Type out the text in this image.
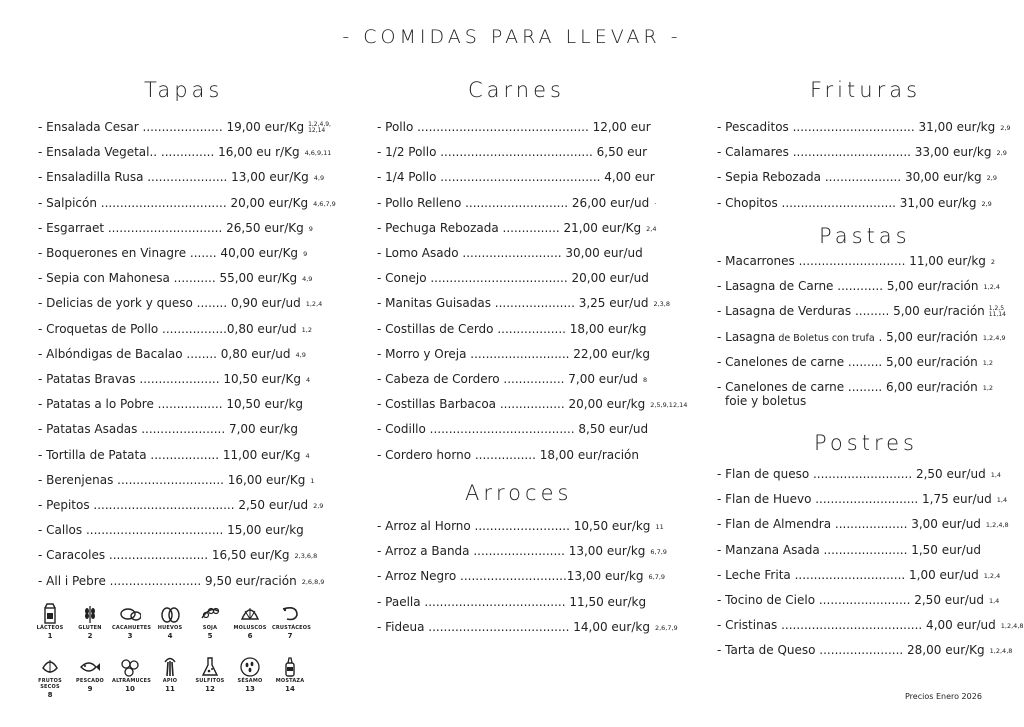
- COMIDAS PARA LLEVAR -
Tapas	Carnes
Arroces
Frituras
Pastas
Postres
- Ensalada Cesar ..................... 19,00 eur/Kg 1,2,4,9,
12,14
- Ensalada Vegetal.. .............. 16,00 eu r/Kg 4,6,9,11
- Ensaladilla Rusa ..................... 13,00 eur/Kg 4,9
- Salpicón ................................. 20,00 eur/Kg 4,6,7,9
- Esgarraet .............................. 26,50 eur/Kg 9
- Boquerones en Vinagre ....... 40,00 eur/Kg 9
- Sepia con Mahonesa ........... 55,00 eur/Kg 4,9
- Delicias de york y queso ........ 0,90 eur/ud 1,2,4
- Croquetas de Pollo .................0,80 eur/ud 1,2
- Albóndigas de Bacalao ........ 0,80 eur/ud 4,9
- Patatas Bravas ..................... 10,50 eur/Kg 4
- Patatas a lo Pobre ................. 10,50 eur/kg
- Patatas Asadas ...................... 7,00 eur/kg
- Tortilla de Patata .................. 11,00 eur/Kg 4
- Berenjenas ............................ 16,00 eur/Kg 1
- Pepitos ..................................... 2,50 eur/ud 2,9
- Callos .................................... 15,00 eur/kg
- Caracoles .......................... 16,50 eur/Kg 2,3,6,8
- All i Pebre ........................ 9,50 eur/ración 2,6,8,9
- Pollo ............................................. 12,00 eur
- 1/2 Pollo ........................................ 6,50 eur
- 1/4 Pollo .......................................... 4,00 eur
- Pollo Relleno ........................... 26,00 eur/ud ·
- Pechuga Rebozada ............... 21,00 eur/Kg 2,4
- Lomo Asado .......................... 30,00 eur/ud
- Conejo .................................... 20,00 eur/ud
- Manitas Guisadas ..................... 3,25 eur/ud 2,3,8
- Costillas de Cerdo .................. 18,00 eur/kg
- Morro y Oreja .......................... 22,00 eur/kg
- Cabeza de Cordero ................ 7,00 eur/ud 8
- Costillas Barbacoa ................. 20,00 eur/kg 2,5,9,12,14
- Codillo ...................................... 8,50 eur/ud
- Cordero horno ................ 18,00 eur/ración
- Arroz al Horno ......................... 10,50 eur/kg 11
- Arroz a Banda ........................ 13,00 eur/kg 6,7,9
- Arroz Negro ............................13,00 eur/kg 6,7,9
- Paella ..................................... 11,50 eur/kg
- Fideua ..................................... 14,00 eur/kg 2,6,7,9
- Pescaditos ................................ 31,00 eur/kg 2,9
- Calamares ............................... 33,00 eur/kg 2,9
- Sepia Rebozada .................... 30,00 eur/kg 2,9
- Chopitos .............................. 31,00 eur/kg 2,9
- Macarrones ............................ 11,00 eur/kg 2
- Lasagna de Carne ............ 5,00 eur/ración 1,2,4
- Lasagna de Verduras ......... 5,00 eur/ración 1,2,5
11,14
- Lasagna de Boletus con trufa . 5,00 eur/ración 1,2,4,9
- Canelones de carne ......... 5,00 eur/ración 1,2
- Canelones de carne ......... 6,00 eur/ración 1,2
foie y boletus
- Flan de queso .......................... 2,50 eur/ud 1,4
- Flan de Huevo ........................... 1,75 eur/ud 1,4
- Flan de Almendra ................... 3,00 eur/ud 1,2,4,8
- Manzana Asada ...................... 1,50 eur/ud
- Leche Frita ............................. 1,00 eur/ud 1,2,4
- Tocino de Cielo ........................ 2,50 eur/ud 1,4
- Cristinas ..................................... 4,00 eur/ud 1,2,4,8
- Tarta de Queso ...................... 28,00 eur/Kg 1,2,4,8
LÁCTEOS
1
GLUTEN
2
CACAHUETES
3
HUEVOS
4
SOJA
5
MOLUSCOS
6
CRUSTÁCEOS
7
FRUTOS SECOS
8
PESCADO
9
ALTRAMUCES
10
APIO
11
SULFITOS
12
SÉSAMO
13
MOSTAZA
14
Precios Enero 2026
